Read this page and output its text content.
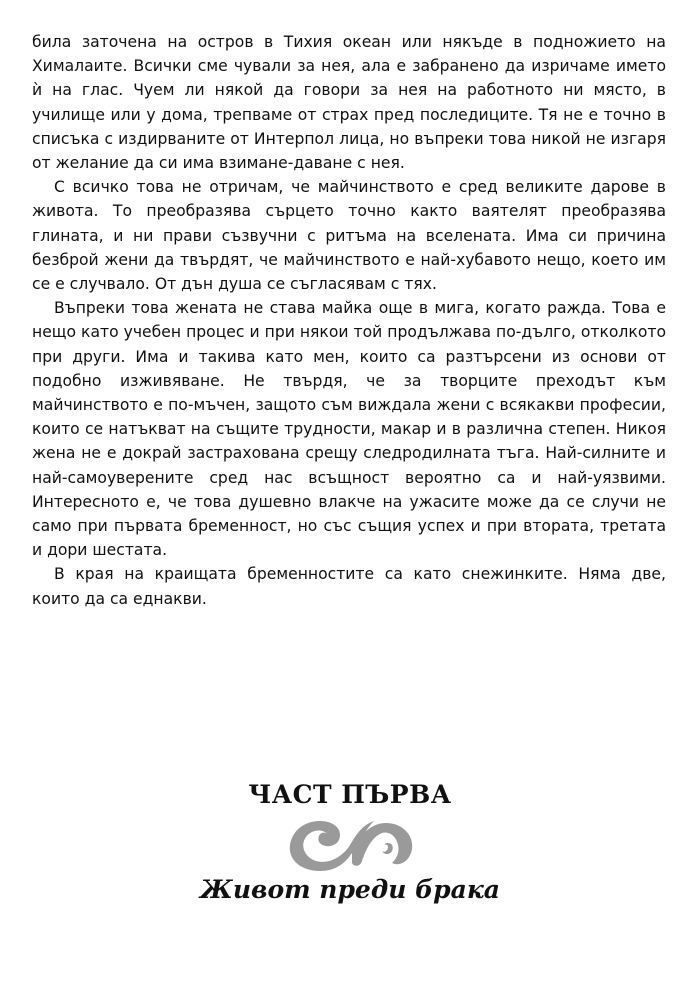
била заточена на остров в Тихия океан или някъде в подножието на Хималаите. Всички сме чували за нея, ала е забранено да изричаме името ѝ на глас. Чуем ли някой да говори за нея на работното ни място, в училище или у дома, трепваме от страх пред последиците. Тя не е точно в списъка с издирваните от Интерпол лица, но въпреки това никой не изгаря от желание да си има взимане-даване с нея.

С всичко това не отричам, че майчинството е сред великите дарове в живота. То преобразява сърцето точно както ваятелят преобразява глината, и ни прави съзвучни с ритъма на вселената. Има си причина безброй жени да твърдят, че майчинството е най-хубавото нещо, което им се е случвало. От дън душа се съгласявам с тях.

Въпреки това жената не става майка още в мига, когато ражда. Това е нещо като учебен процес и при някои той продължава по-дълго, отколкото при други. Има и такива като мен, които са разтърсени из основи от подобно изживяване. Не твърдя, че за творците преходът към майчинството е по-мъчен, защото съм виждала жени с всякакви професии, които се натъкват на същите трудности, макар и в различна степен. Никоя жена не е докрай застрахована срещу следродилната тъга. Най-силните и най-самоуверените сред нас всъщност вероятно са и най-уязвими. Интересното е, че това душевно влакче на ужасите може да се случи не само при първата бременност, но със същия успех и при втората, третата и дори шестата.

В края на краищата бременностите са като снежинките. Няма две, които да са еднакви.

ЧАСТ ПЪРВА
Живот преди брака
